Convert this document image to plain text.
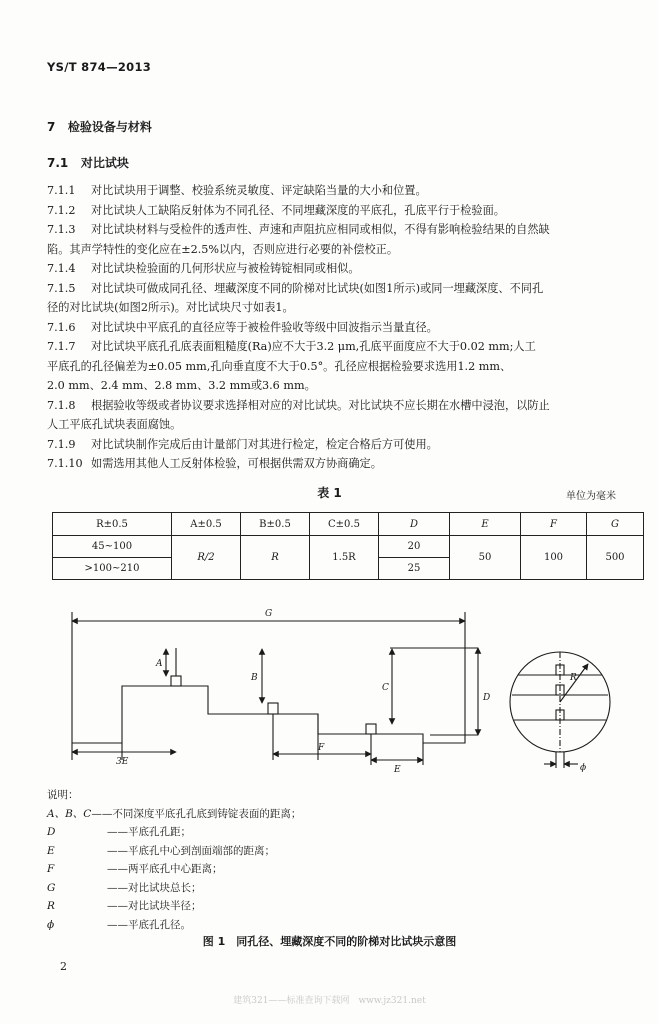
YS/T 874—2013
7 检验设备与材料
7.1 对比试块
7.1.1 对比试块用于调整、校验系统灵敏度、评定缺陷当量的大小和位置。
7.1.2 对比试块人工缺陷反射体为不同孔径、不同埋藏深度的平底孔，孔底平行于检验面。
7.1.3 对比试块材料与受检件的透声性、声速和声阻抗应相同或相似，不得有影响检验结果的自然缺
陷。其声学特性的变化应在±2.5%以内，否则应进行必要的补偿校正。
7.1.4 对比试块检验面的几何形状应与被检铸锭相同或相似。
7.1.5 对比试块可做成同孔径、埋藏深度不同的阶梯对比试块(如图1所示)或同一埋藏深度、不同孔
径的对比试块(如图2所示)。对比试块尺寸如表1。
7.1.6 对比试块中平底孔的直径应等于被检件验收等级中回波指示当量直径。
7.1.7 对比试块平底孔孔底表面粗糙度(Ra)应不大于3.2 μm,孔底平面度应不大于0.02 mm;人工
平底孔的孔径偏差为±0.05 mm,孔向垂直度不大于0.5°。孔径应根据检验要求选用1.2 mm、
2.0 mm、2.4 mm、2.8 mm、3.2 mm或3.6 mm。
7.1.8 根据验收等级或者协议要求选择相对应的对比试块。对比试块不应长期在水槽中浸泡，以防止
人工平底孔试块表面腐蚀。
7.1.9 对比试块制作完成后由计量部门对其进行检定，检定合格后方可使用。
7.1.10 如需选用其他人工反射体检验，可根据供需双方协商确定。
表 1	单位为毫米
R±0.5	A±0.5	B±0.5	C±0.5	D	E	F	G
45~100	R/2	R	1.5R	20	50	100	500
>100~210				25			
G
A
B
C
D
3E
F
E
R
ϕ
说明：
A、B、C——不同深度平底孔孔底到铸锭表面的距离；
D	——平底孔孔距；
E	——平底孔中心到剖面端部的距离；
F	——两平底孔中心距离；
G	——对比试块总长；
R	——对比试块半径；
ϕ	——平底孔孔径。
图 1　同孔径、埋藏深度不同的阶梯对比试块示意图
2
建筑321——标准查询下载网　www.jz321.net
